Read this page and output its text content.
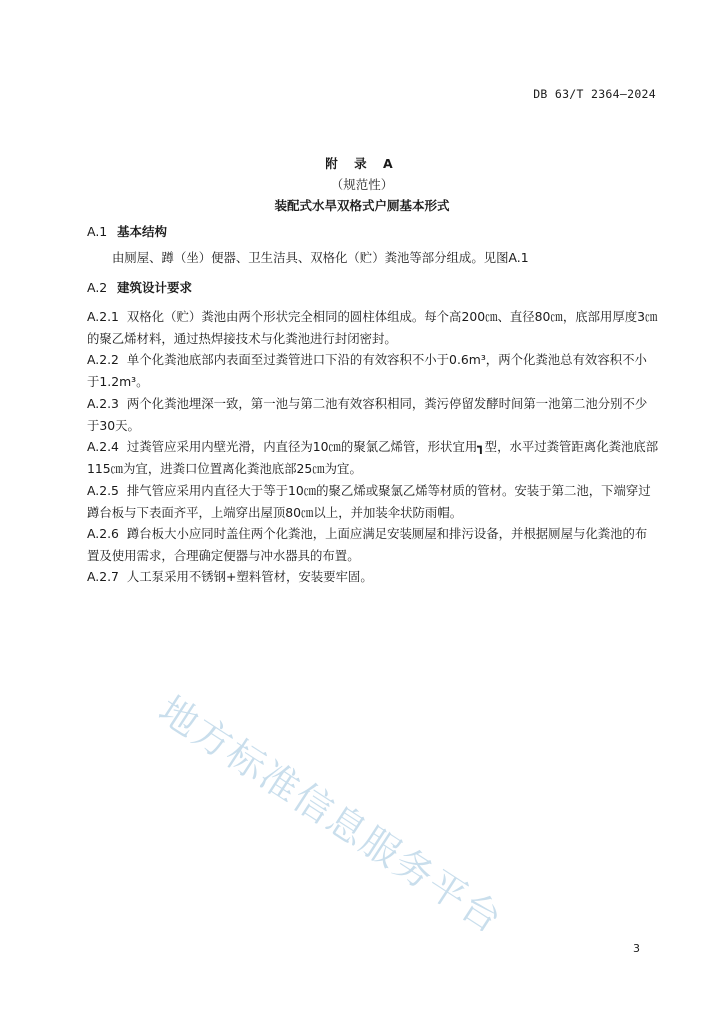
DB 63/T 2364—2024
附 录 A
（规范性）
装配式水旱双格式户厕基本形式
A.1 基本结构
由厕屋、蹲（坐）便器、卫生洁具、双格化（贮）粪池等部分组成。见图A.1
A.2 建筑设计要求
A.2.1 双格化（贮）粪池由两个形状完全相同的圆柱体组成。每个高200㎝、直径80㎝，底部用厚度3㎝的聚乙烯材料，通过热焊接技术与化粪池进行封闭密封。
A.2.2 单个化粪池底部内表面至过粪管进口下沿的有效容积不小于0.6m³，两个化粪池总有效容积不小于1.2m³。
A.2.3 两个化粪池埋深一致，第一池与第二池有效容积相同，粪污停留发酵时间第一池第二池分别不少于30天。
A.2.4 过粪管应采用内壁光滑，内直径为10㎝的聚氯乙烯管，形状宜用┓型，水平过粪管距离化粪池底部115㎝为宜，进粪口位置离化粪池底部25㎝为宜。
A.2.5 排气管应采用内直径大于等于10㎝的聚乙烯或聚氯乙烯等材质的管材。安装于第二池，下端穿过蹲台板与下表面齐平，上端穿出屋顶80㎝以上，并加装伞状防雨帽。
A.2.6 蹲台板大小应同时盖住两个化粪池，上面应满足安装厕屋和排污设备，并根据厕屋与化粪池的布置及使用需求，合理确定便器与冲水器具的布置。
A.2.7 人工泵采用不锈钢+塑料管材，安装要牢固。
地方标准信息服务平台
3
